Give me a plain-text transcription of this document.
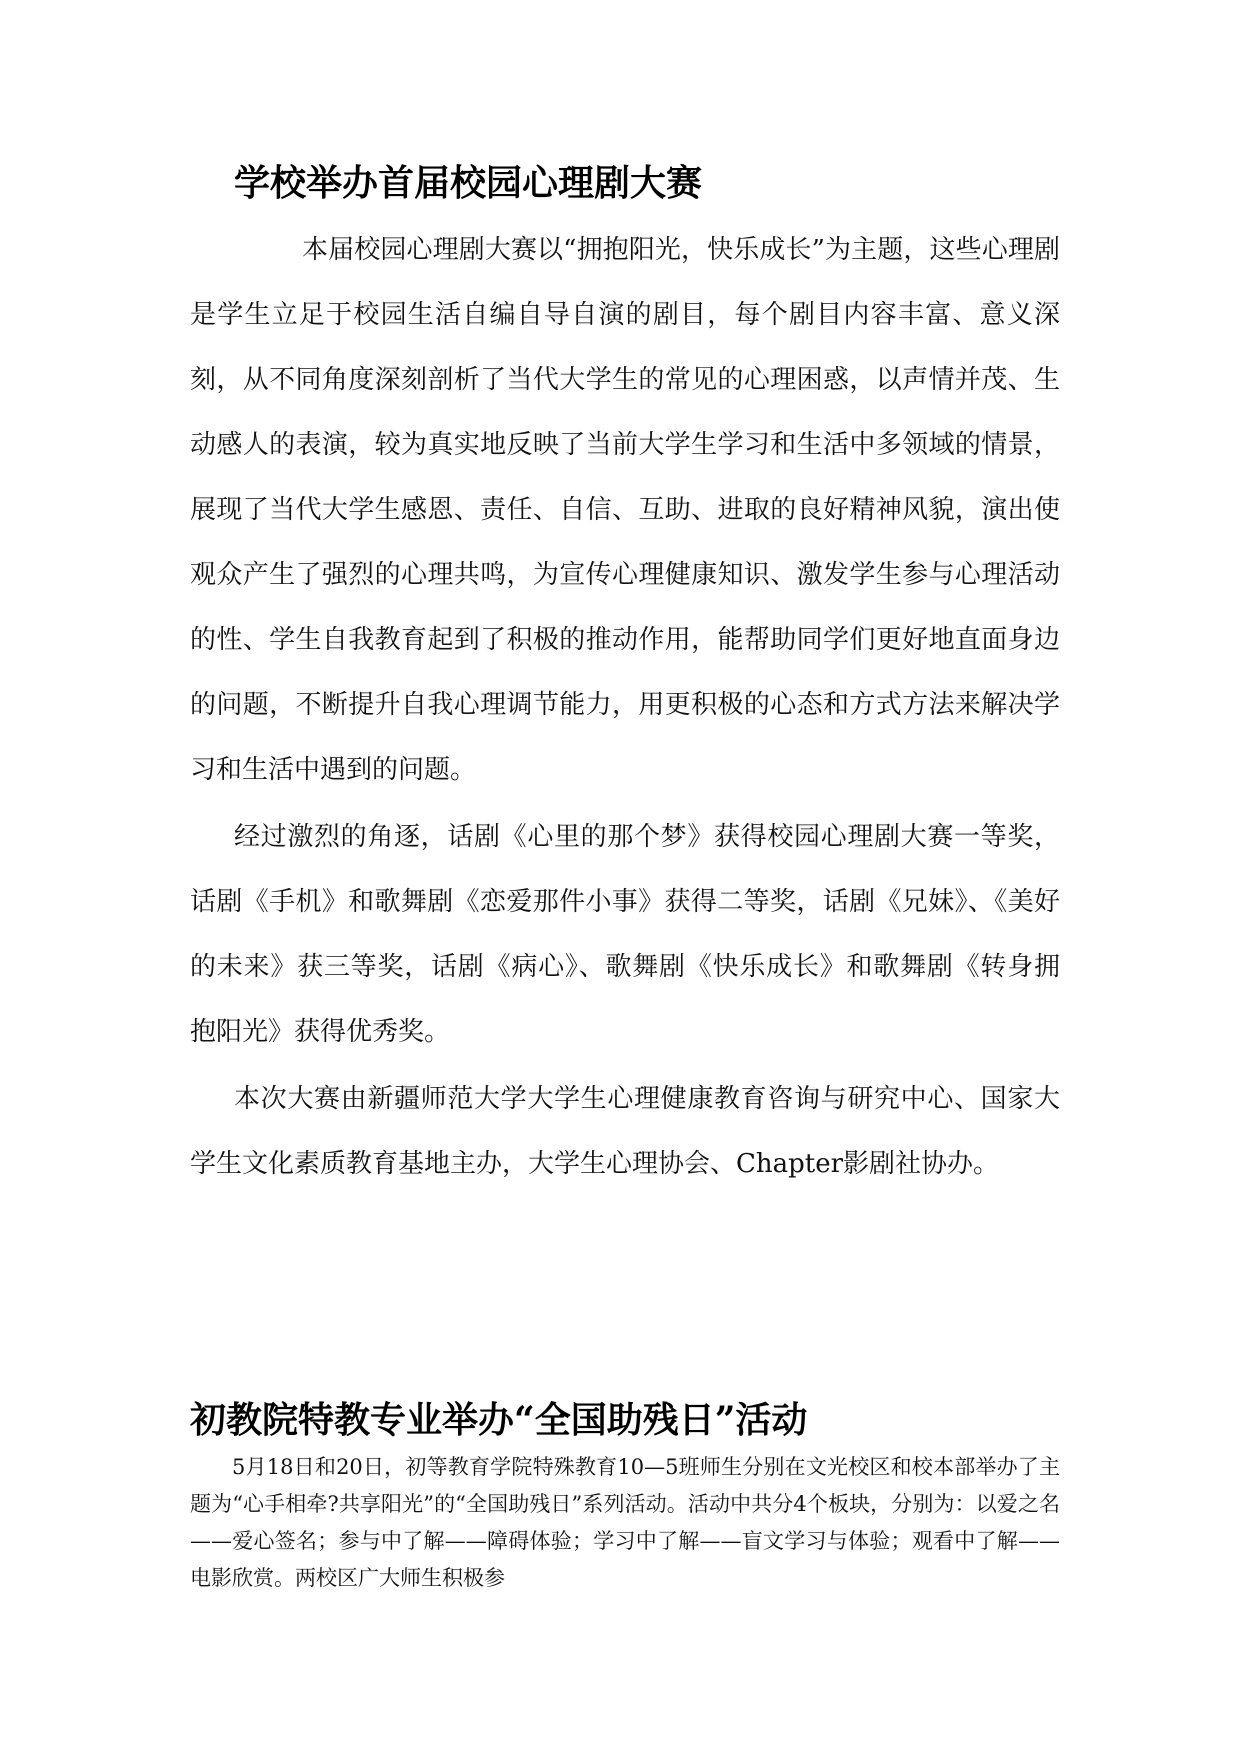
学校举办首届校园心理剧大赛

本届校园心理剧大赛以“拥抱阳光，快乐成长”为主题，这些心理剧是学生立足于校园生活自编自导自演的剧目，每个剧目内容丰富、意义深刻，从不同角度深刻剖析了当代大学生的常见的心理困惑，以声情并茂、生动感人的表演，较为真实地反映了当前大学生学习和生活中多领域的情景，展现了当代大学生感恩、责任、自信、互助、进取的良好精神风貌，演出使观众产生了强烈的心理共鸣，为宣传心理健康知识、激发学生参与心理活动的性、学生自我教育起到了积极的推动作用，能帮助同学们更好地直面身边的问题，不断提升自我心理调节能力，用更积极的心态和方式方法来解决学习和生活中遇到的问题。

经过激烈的角逐，话剧《心里的那个梦》获得校园心理剧大赛一等奖，话剧《手机》和歌舞剧《恋爱那件小事》获得二等奖，话剧《兄妹》、《美好的未来》获三等奖，话剧《病心》、歌舞剧《快乐成长》和歌舞剧《转身拥抱阳光》获得优秀奖。

本次大赛由新疆师范大学大学生心理健康教育咨询与研究中心、国家大学生文化素质教育基地主办，大学生心理协会、Chapter影剧社协办。

初教院特教专业举办“全国助残日”活动

5月18日和20日，初等教育学院特殊教育10—5班师生分别在文光校区和校本部举办了主题为“心手相牵?共享阳光”的“全国助残日”系列活动。活动中共分4个板块，分别为：以爱之名——爱心签名；参与中了解——障碍体验；学习中了解——盲文学习与体验；观看中了解——电影欣赏。两校区广大师生积极参
